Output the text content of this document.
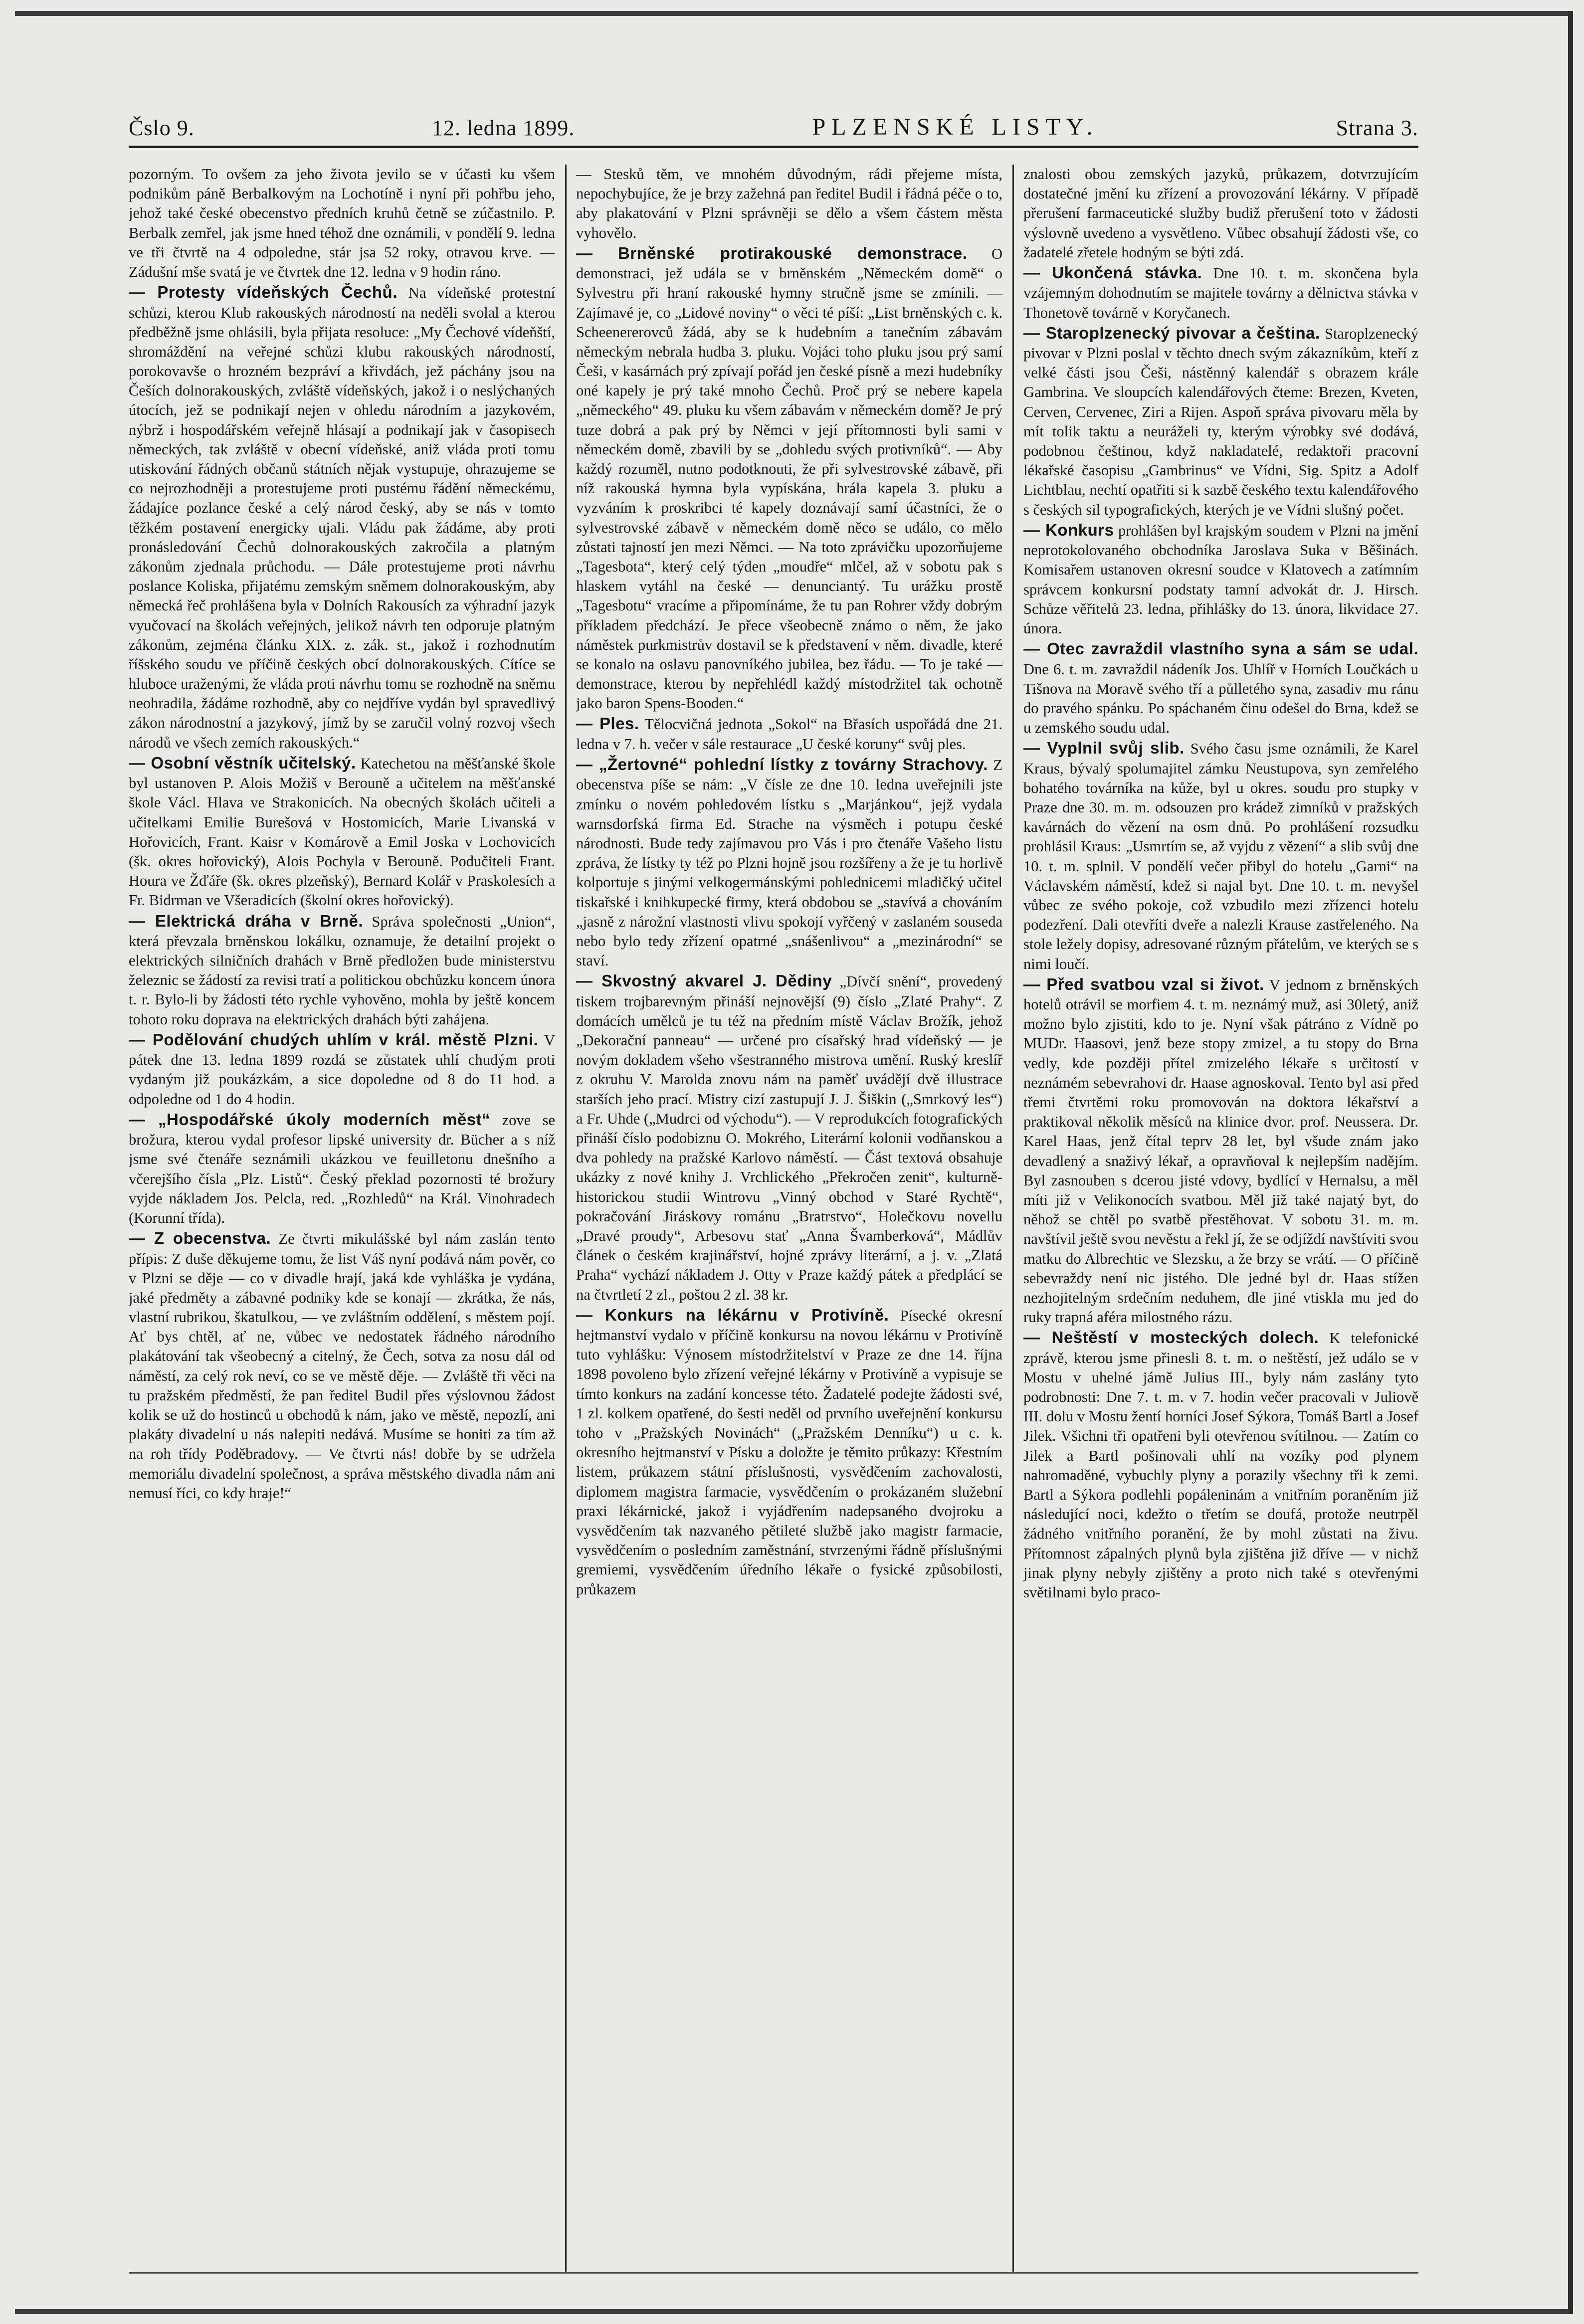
Čslo 9.	12. ledna 1899.	PLZENSKÉ LISTY.	Strana 3.

pozorným. To ovšem za jeho života jevilo se v účasti ku všem podnikům páně Berbalkovým na Lochotíně i nyní při pohřbu jeho, jehož také české obecenstvo předních kruhů četně se zúčastnilo. P. Berbalk zemřel, jak jsme hned téhož dne oznámili, v pondělí 9. ledna ve tři čtvrtě na 4 odpoledne, stár jsa 52 roky, otravou krve. — Zádušní mše svatá je ve čtvrtek dne 12. ledna v 9 hodin ráno.

— Protesty vídeňských Čechů. Na vídeňské protestní schůzi, kterou Klub rakouských národností na neděli svolal a kterou předběžně jsme ohlásili, byla přijata resoluce: „My Čechové vídeňští, shromáždění na veřejné schůzi klubu rakouských národností, porokovavše o hrozném bezpráví a křivdách, jež páchány jsou na Češích dolnorakouských, zvláště vídeňských, jakož i o neslýchaných útocích, jež se podnikají nejen v ohledu národním a jazykovém, nýbrž i hospodářském veřejně hlásají a podnikají jak v časopisech německých, tak zvláště v obecní vídeňské, aniž vláda proti tomu utiskování řádných občanů státních nějak vystupuje, ohrazujeme se co nejrozhodněji a protestujeme proti pustému řádění německému, žádajíce pozlance české a celý národ český, aby se nás v tomto těžkém postavení energicky ujali. Vládu pak žádáme, aby proti pronásledování Čechů dolnorakouských zakročila a platným zákonům zjednala průchodu. — Dále protestujeme proti návrhu poslance Koliska, přijatému zemským sněmem dolnorakouským, aby německá řeč prohlášena byla v Dolních Rakousích za výhradní jazyk vyučovací na školách veřejných, jelikož návrh ten odporuje platným zákonům, zejména článku XIX. z. zák. st., jakož i rozhodnutím říšského soudu ve příčině českých obcí dolnorakouských. Cítíce se hluboce uraženými, že vláda proti návrhu tomu se rozhodně na sněmu neohradila, žádáme rozhodně, aby co nejdříve vydán byl spravedlivý zákon národnostní a jazykový, jímž by se zaručil volný rozvoj všech národů ve všech zemích rakouských.“

— Osobní věstník učitelský. Katechetou na měšťanské škole byl ustanoven P. Alois Možiš v Berouně a učitelem na měšťanské škole Václ. Hlava ve Strakonicích. Na obecných školách učiteli a učitelkami Emilie Burešová v Hostomicích, Marie Livanská v Hořovicích, Frant. Kaisr v Komárově a Emil Joska v Lochovicích (šk. okres hořovický), Alois Pochyla v Berouně. Podučiteli Frant. Houra ve Žďáře (šk. okres plzeňský), Bernard Kolář v Praskolesích a Fr. Bidrman ve Všeradicích (školní okres hořovický).

— Elektrická dráha v Brně. Správa společnosti „Union“, která převzala brněnskou lokálku, oznamuje, že detailní projekt o elektrických silničních drahách v Brně předložen bude ministerstvu železnic se žádostí za revisi tratí a politickou obchůzku koncem února t. r. Bylo-li by žádosti této rychle vyhověno, mohla by ještě koncem tohoto roku doprava na elektrických drahách býti zahájena.

— Podělování chudých uhlím v král. městě Plzni. V pátek dne 13. ledna 1899 rozdá se zůstatek uhlí chudým proti vydaným již poukázkám, a sice dopoledne od 8 do 11 hod. a odpoledne od 1 do 4 hodin.

— „Hospodářské úkoly moderních měst“ zove se brožura, kterou vydal profesor lipské university dr. Bücher a s níž jsme své čtenáře seznámili ukázkou ve feuilletonu dnešního a včerejšího čísla „Plz. Listů“. Český překlad pozornosti té brožury vyjde nákladem Jos. Pelcla, red. „Rozhledů“ na Král. Vinohradech (Korunní třída).

— Z obecenstva. Ze čtvrti mikulášské byl nám zaslán tento přípis: Z duše děkujeme tomu, že list Váš nyní podává nám pověr, co v Plzni se děje — co v divadle hrají, jaká kde vyhláška je vydána, jaké předměty a zábavné podniky kde se konají — zkrátka, že nás, vlastní rubrikou, škatulkou, — ve zvláštním oddělení, s městem pojí. Ať bys chtěl, ať ne, vůbec ve nedostatek řádného národního plakátování tak všeobecný a citelný, že Čech, sotva za nosu dál od náměstí, za celý rok neví, co se ve městě děje. — Zvláště tři věci na tu pražském předměstí, že pan ředitel Budil přes výslovnou žádost kolik se už do hostinců u obchodů k nám, jako ve městě, nepozlí, ani plakáty divadelní u nás nalepiti nedává. Musíme se honiti za tím až na roh třídy Poděbradovy. — Ve čtvrti nás! dobře by se udržela memoriálu divadelní společnost, a správa městského divadla nám ani nemusí říci, co kdy hraje!“

— Stesků těm, ve mnohém důvodným, rádi přejeme místa, nepochybujíce, že je brzy zažehná pan ředitel Budil i řádná péče o to, aby plakatování v Plzni správněji se dělo a všem částem města vyhovělo.

— Brněnské protirakouské demonstrace. O demonstraci, jež udála se v brněnském „Německém domě“ o Sylvestru při hraní rakouské hymny stručně jsme se zmínili. — Zajímavé je, co „Lidové noviny“ o věci té píší: „List brněnských c. k. Scheenererovců žádá, aby se k hudebním a tanečním zábavám německým nebrala hudba 3. pluku. Vojáci toho pluku jsou prý samí Češi, v kasárnách prý zpívají pořád jen české písně a mezi hudebníky oné kapely je prý také mnoho Čechů. Proč prý se nebere kapela „německého“ 49. pluku ku všem zábavám v německém domě? Je prý tuze dobrá a pak prý by Němci v její přítomnosti byli sami v německém domě, zbavili by se „dohledu svých protivníků“. — Aby každý rozuměl, nutno podotknouti, že při sylvestrovské zábavě, při níž rakouská hymna byla vypískána, hrála kapela 3. pluku a vyzváním k proskribci té kapely doznávají samí účastníci, že o sylvestrovské zábavě v německém domě něco se událo, co mělo zůstati tajností jen mezi Němci. — Na toto zprávičku upozorňujeme „Tagesbota“, který celý týden „moudře“ mlčel, až v sobotu pak s hlaskem vytáhl na české — denunciantý. Tu urážku prostě „Tagesbotu“ vracíme a připomínáme, že tu pan Rohrer vždy dobrým příkladem předchází. Je přece všeobecně známo o něm, že jako náměstek purkmistrův dostavil se k představení v něm. divadle, které se konalo na oslavu panovníkého jubilea, bez řádu. — To je také — demonstrace, kterou by nepřehlédl každý místodržitel tak ochotně jako baron Spens-Booden.“

— Ples. Tělocvičná jednota „Sokol“ na Břasích uspořádá dne 21. ledna v 7. h. večer v sále restaurace „U české koruny“ svůj ples.

— „Žertovné“ pohlední lístky z továrny Strachovy. Z obecenstva píše se nám: „V čísle ze dne 10. ledna uveřejnili jste zmínku o novém pohledovém lístku s „Marjánkou“, jejž vydala warnsdorfská firma Ed. Strache na výsměch i potupu české národnosti. Bude tedy zajímavou pro Vás i pro čtenáře Vašeho listu zpráva, že lístky ty též po Plzni hojně jsou rozšířeny a že je tu horlivě kolportuje s jinými velkogermánskými pohlednicemi mladičký učitel tiskařské i knihkupecké firmy, která obdobou se „stavívá a chováním „jasně z nárožní vlastnosti vlivu spokojí vyřčený v zaslaném souseda nebo bylo tedy zřízení opatrné „snášenlivou“ a „mezinárodní“ se staví.

— Skvostný akvarel J. Dědiny „Dívčí snění“, provedený tiskem trojbarevným přináší nejnovější (9) číslo „Zlaté Prahy“. Z domácích umělců je tu též na předním místě Václav Brožík, jehož „Dekorační panneau“ — určené pro císařský hrad vídeňský — je novým dokladem všeho všestranného mistrova umění. Ruský kreslíř z okruhu V. Marolda znovu nám na paměť uvádějí dvě illustrace starších jeho prací. Mistry cizí zastupují J. J. Šiškin („Smrkový les“) a Fr. Uhde („Mudrci od východu“). — V reprodukcích fotografických přináší číslo podobiznu O. Mokrého, Literární kolonii vodňanskou a dva pohledy na pražské Karlovo náměstí. — Část textová obsahuje ukázky z nové knihy J. Vrchlického „Překročen zenit“, kulturně-historickou studii Wintrovu „Vinný obchod v Staré Rychtě“, pokračování Jiráskovy románu „Bratrstvo“, Holečkovu novellu „Dravé proudy“, Arbesovu stať „Anna Švamberková“, Mádlův článek o českém krajinářství, hojné zprávy literární, a j. v. „Zlatá Praha“ vychází nákladem J. Otty v Praze každý pátek a předplácí se na čtvrtletí 2 zl., poštou 2 zl. 38 kr.

— Konkurs na lékárnu v Protivíně. Písecké okresní hejtmanství vydalo v příčině konkursu na novou lékárnu v Protivíně tuto vyhlášku: Výnosem místodržitelství v Praze ze dne 14. října 1898 povoleno bylo zřízení veřejné lékárny v Protivíně a vypisuje se tímto konkurs na zadání koncesse této. Žadatelé podejte žádosti své, 1 zl. kolkem opatřené, do šesti neděl od prvního uveřejnění konkursu toho v „Pražských Novinách“ („Pražském Denníku“) u c. k. okresního hejtmanství v Písku a doložte je těmito průkazy: Křestním listem, průkazem státní příslušnosti, vysvědčením zachovalosti, diplomem magistra farmacie, vysvědčením o prokázaném služební praxi lékárnické, jakož i vyjádřením nadepsaného dvojroku a vysvědčením tak nazvaného pětileté službě jako magistr farmacie, vysvědčením o posledním zaměstnání, stvrzenými řádně příslušnými gremiemi, vysvědčením úředního lékaře o fysické způsobilosti, průkazem

znalosti obou zemských jazyků, průkazem, dotvrzujícím dostatečné jmění ku zřízení a provozování lékárny. V případě přerušení farmaceutické služby budiž přerušení toto v žádosti výslovně uvedeno a vysvětleno. Vůbec obsahují žádosti vše, co žadatelé zřetele hodným se býti zdá.

— Ukončená stávka. Dne 10. t. m. skončena byla vzájemným dohodnutím se majitele továrny a dělnictva stávka v Thonetově továrně v Koryčanech.

— Staroplzenecký pivovar a čeština. Staroplzenecký pivovar v Plzni poslal v těchto dnech svým zákazníkům, kteří z velké části jsou Češi, nástěnný kalendář s obrazem krále Gambrina. Ve sloupcích kalendářových čteme: Brezen, Kveten, Cerven, Cervenec, Ziri a Rijen. Aspoň správa pivovaru měla by mít tolik taktu a neuráželi ty, kterým výrobky své dodává, podobnou češtinou, když nakladatelé, redaktoři pracovní lékařské časopisu „Gambrinus“ ve Vídni, Sig. Spitz a Adolf Lichtblau, nechtí opatřiti si k sazbě českého textu kalendářového s českých sil typografických, kterých je ve Vídni slušný počet.

— Konkurs prohlášen byl krajským soudem v Plzni na jmění neprotokolovaného obchodníka Jaroslava Suka v Běšinách. Komisařem ustanoven okresní soudce v Klatovech a zatímním správcem konkursní podstaty tamní advokát dr. J. Hirsch. Schůze věřitelů 23. ledna, přihlášky do 13. února, likvidace 27. února.

— Otec zavraždil vlastního syna a sám se udal. Dne 6. t. m. zavraždil nádeník Jos. Uhlíř v Horních Loučkách u Tišnova na Moravě svého tří a půlletého syna, zasadiv mu ránu do pravého spánku. Po spáchaném činu odešel do Brna, kdež se u zemského soudu udal.

— Vyplnil svůj slib. Svého času jsme oznámili, že Karel Kraus, bývalý spolumajitel zámku Neustupova, syn zemřelého bohatého továrníka na kůže, byl u okres. soudu pro stupky v Praze dne 30. m. m. odsouzen pro krádež zimníků v pražských kavárnách do vězení na osm dnů. Po prohlášení rozsudku prohlásil Kraus: „Usmrtím se, až vyjdu z vězení“ a slib svůj dne 10. t. m. splnil. V pondělí večer přibyl do hotelu „Garni“ na Václavském náměstí, kdež si najal byt. Dne 10. t. m. nevyšel vůbec ze svého pokoje, což vzbudilo mezi zřízenci hotelu podezření. Dali otevříti dveře a nalezli Krause zastřeleného. Na stole ležely dopisy, adresované různým přátelům, ve kterých se s nimi loučí.

— Před svatbou vzal si život. V jednom z brněnských hotelů otrávil se morfiem 4. t. m. neznámý muž, asi 30letý, aniž možno bylo zjistiti, kdo to je. Nyní však pátráno z Vídně po MUDr. Haasovi, jenž beze stopy zmizel, a tu stopy do Brna vedly, kde později přítel zmizelého lékaře s určitostí v neznámém sebevrahovi dr. Haase agnoskoval. Tento byl asi před třemi čtvrtěmi roku promovován na doktora lékařství a praktikoval několik měsíců na klinice dvor. prof. Neussera. Dr. Karel Haas, jenž čítal teprv 28 let, byl všude znám jako devadlený a snaživý lékař, a opravňoval k nejlepším nadějím. Byl zasnouben s dcerou jisté vdovy, bydlící v Hernalsu, a měl míti již v Velikonocích svatbou. Měl již také najatý byt, do něhož se chtěl po svatbě přestěhovat. V sobotu 31. m. m. navštívil ještě svou nevěstu a řekl jí, že se odjíždí navštíviti svou matku do Albrechtic ve Slezsku, a že brzy se vrátí. — O příčině sebevraždy není nic jistého. Dle jedné byl dr. Haas stížen nezhojitelným srdečním neduhem, dle jiné vtiskla mu jed do ruky trapná aféra milostného rázu.

— Neštěstí v mosteckých dolech. K telefonické zprávě, kterou jsme přinesli 8. t. m. o neštěstí, jež událo se v Mostu v uhelné jámě Julius III., byly nám zaslány tyto podrobnosti: Dne 7. t. m. v 7. hodin večer pracovali v Juliově III. dolu v Mostu žentí horníci Josef Sýkora, Tomáš Bartl a Josef Jilek. Všichni tři opatřeni byli otevřenou svítilnou. — Zatím co Jilek a Bartl pošinovali uhlí na vozíky pod plynem nahromaděné, vybuchly plyny a porazily všechny tři k zemi. Bartl a Sýkora podlehli popáleninám a vnitřním poraněním již následující noci, kdežto o třetím se doufá, protože neutrpěl žádného vnitřního poranění, že by mohl zůstati na živu. Přítomnost zápalných plynů byla zjištěna již dříve — v nichž jinak plyny nebyly zjištěny a proto nich také s otevřenými světilnami bylo praco-
